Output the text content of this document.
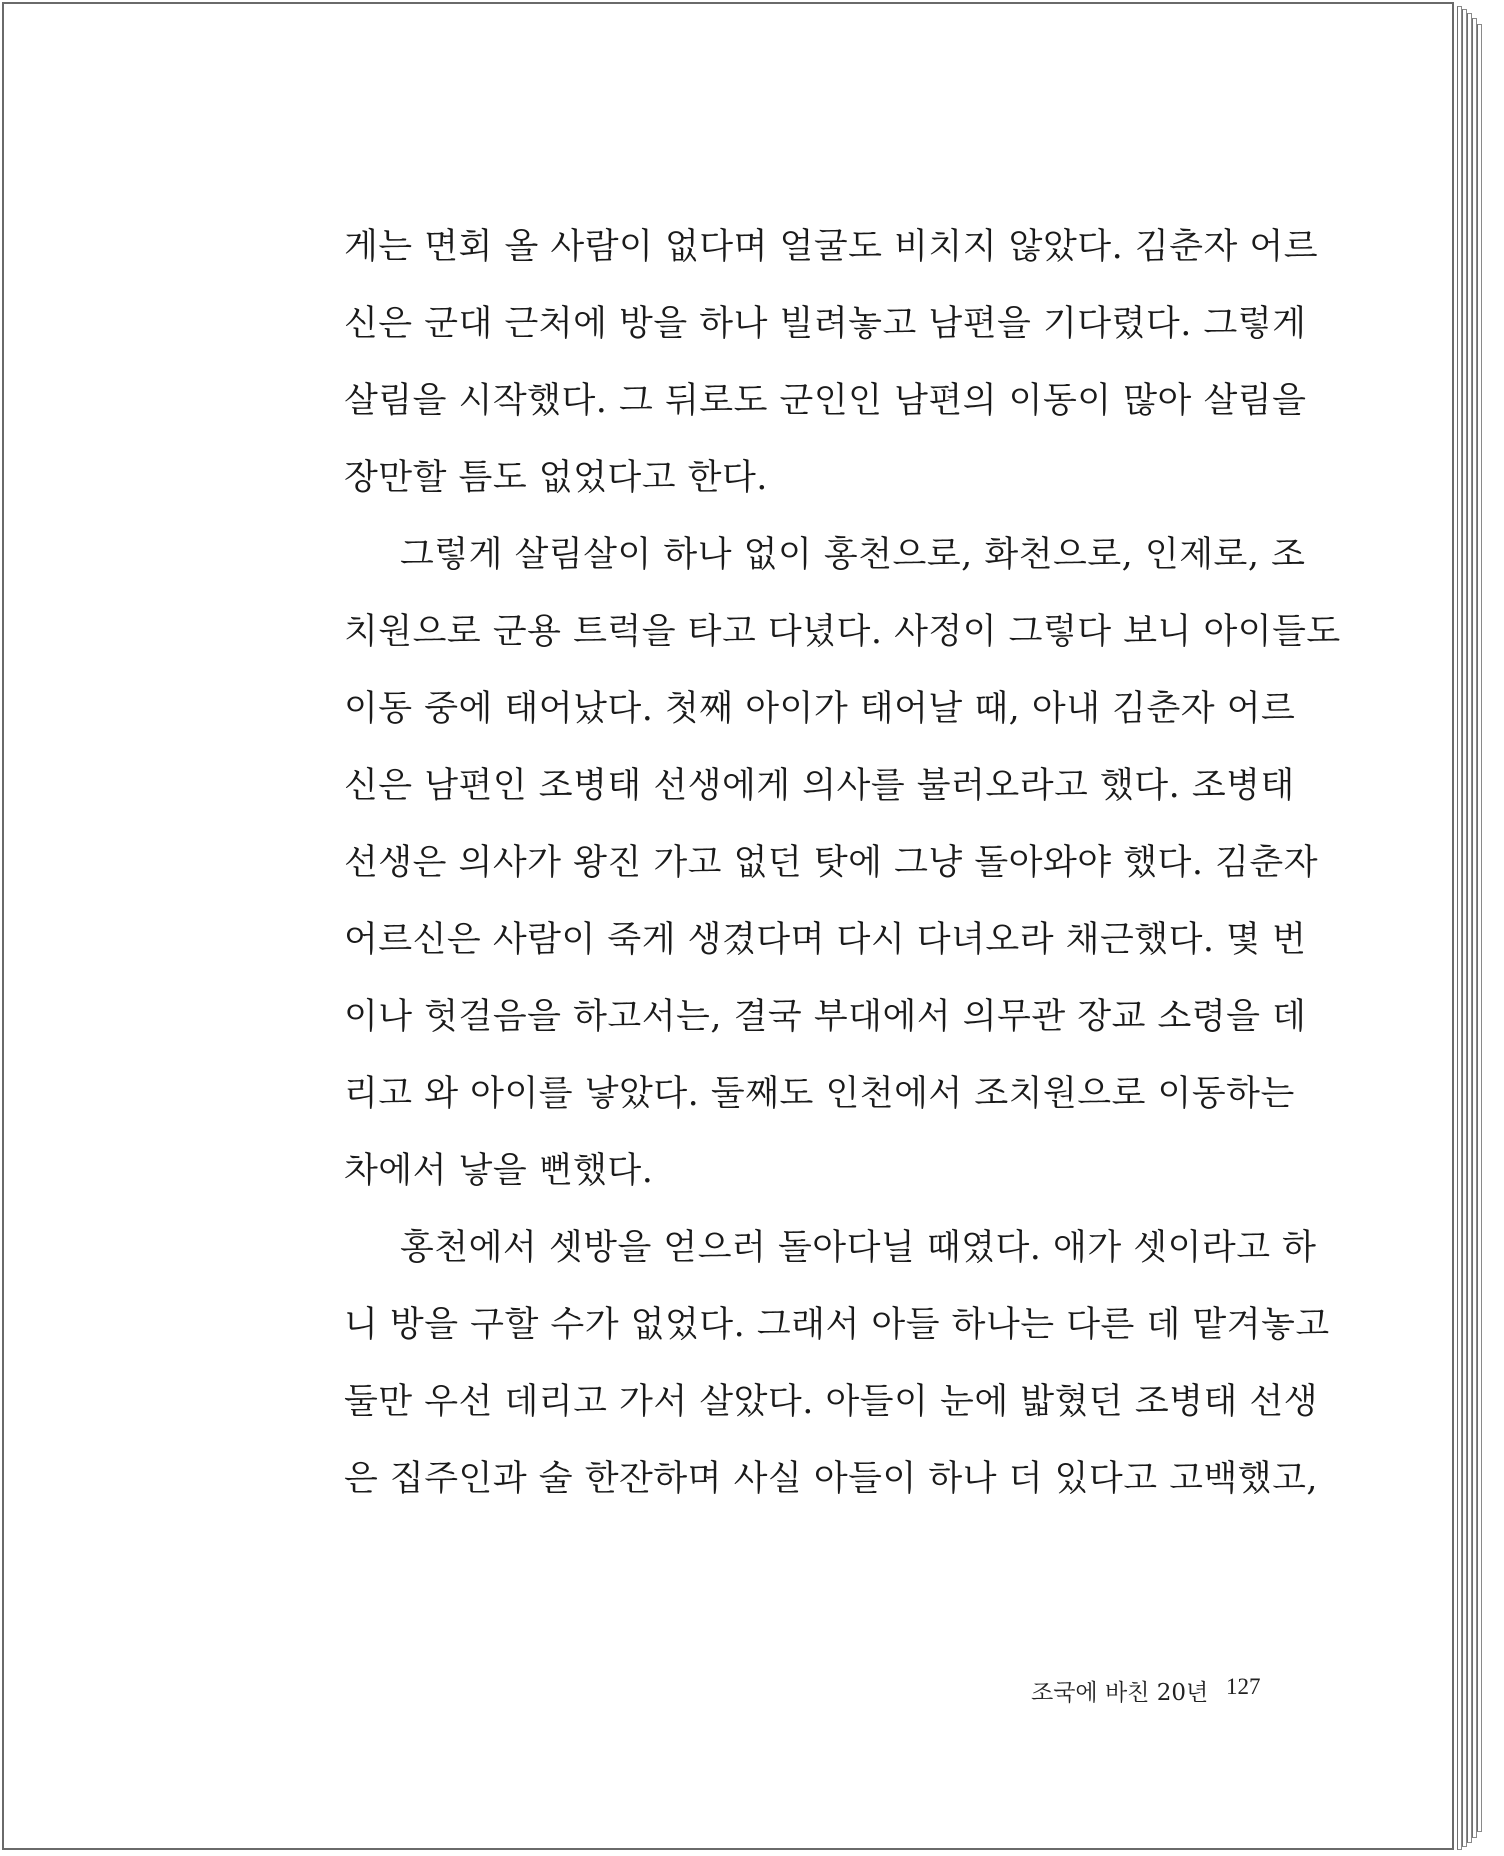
게는 면회 올 사람이 없다며 얼굴도 비치지 않았다. 김춘자 어르
신은 군대 근처에 방을 하나 빌려놓고 남편을 기다렸다. 그렇게
살림을 시작했다. 그 뒤로도 군인인 남편의 이동이 많아 살림을
장만할 틈도 없었다고 한다.
그렇게 살림살이 하나 없이 홍천으로, 화천으로, 인제로, 조
치원으로 군용 트럭을 타고 다녔다. 사정이 그렇다 보니 아이들도
이동 중에 태어났다. 첫째 아이가 태어날 때, 아내 김춘자 어르
신은 남편인 조병태 선생에게 의사를 불러오라고 했다. 조병태
선생은 의사가 왕진 가고 없던 탓에 그냥 돌아와야 했다. 김춘자
어르신은 사람이 죽게 생겼다며 다시 다녀오라 채근했다. 몇 번
이나 헛걸음을 하고서는, 결국 부대에서 의무관 장교 소령을 데
리고 와 아이를 낳았다. 둘째도 인천에서 조치원으로 이동하는
차에서 낳을 뻔했다.
홍천에서 셋방을 얻으러 돌아다닐 때였다. 애가 셋이라고 하
니 방을 구할 수가 없었다. 그래서 아들 하나는 다른 데 맡겨놓고
둘만 우선 데리고 가서 살았다. 아들이 눈에 밟혔던 조병태 선생
은 집주인과 술 한잔하며 사실 아들이 하나 더 있다고 고백했고,
조국에 바친 20년 127
